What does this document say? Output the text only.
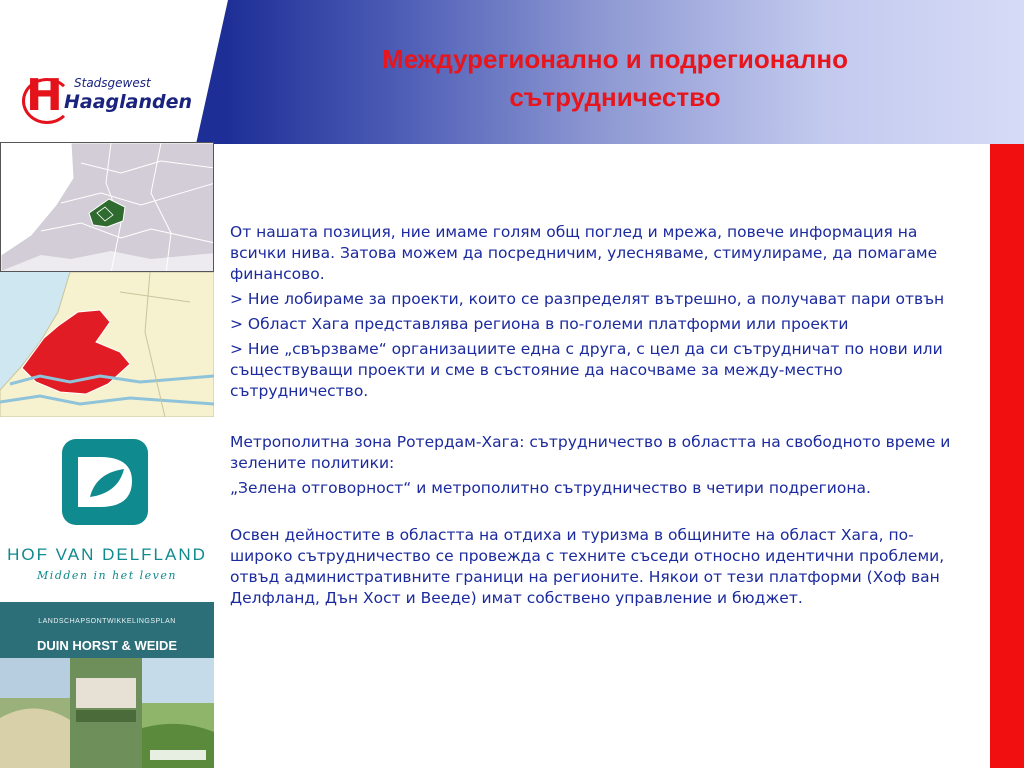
H Stadsgewest
Haaglanden
Междурегионално и подрегионално
сътрудничество
HOF VAN DELFLAND
Midden in het leven
LANDSCHAPSONTWIKKELINGSPLAN
DUIN HORST & WEIDE

От нашата позиция, ние имаме голям общ поглед и мрежа, повече информация на всички нива. Затова можем да посредничим, улесняваме, стимулираме, да помагаме финансово.

> Ние лобираме за проекти, които се разпределят вътрешно, а получават пари отвън

> Област Хага представлява региона в по-големи платформи или проекти

> Ние „свързваме“ организациите една с друга, с цел да си сътрудничат по нови или съществуващи проекти и сме в състояние да насочваме за между-местно сътрудничество.

Метрополитна зона Ротердам-Хага: сътрудничество в областта на свободното време и зелените политики:

„Зелена отговорност“ и метрополитно сътрудничество в четири подрегиона.

Освен дейностите в областта на отдиха и туризма в общините на област Хага, по-широко сътрудничество се провежда с техните съседи относно идентични проблеми, отвъд административните граници на регионите. Някои от тези платформи (Хоф ван Делфланд, Дън Хост и Вееде) имат собствено управление и бюджет.
